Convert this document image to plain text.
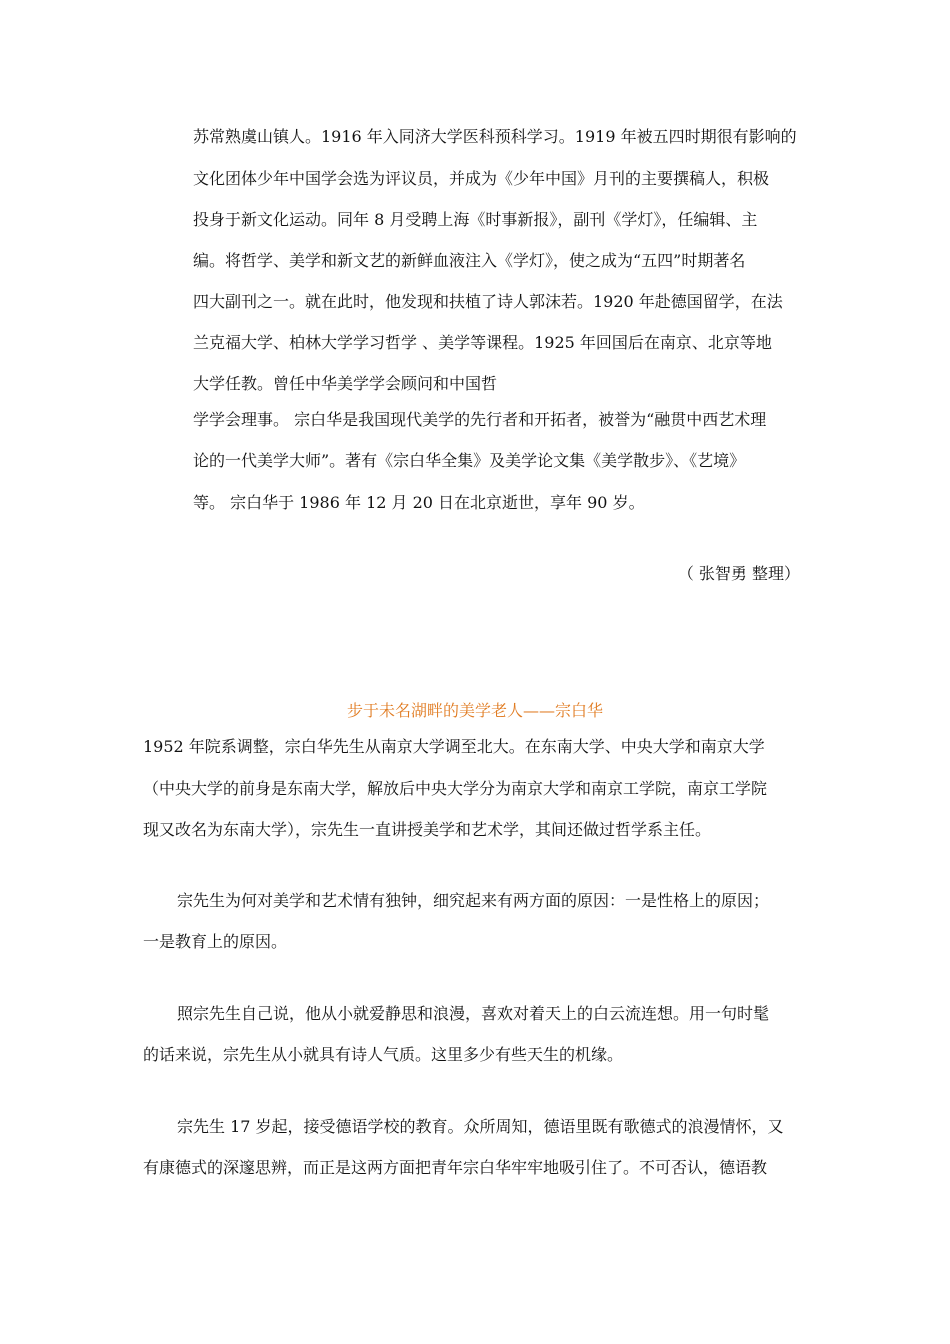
苏常熟虞山镇人。1916 年入同济大学医科预科学习。1919 年被五四时期很有影响的
文化团体少年中国学会选为评议员，并成为《少年中国》月刊的主要撰稿人，积极
投身于新文化运动。同年 8 月受聘上海《时事新报》，副刊《学灯》，任编辑、主
编。将哲学、美学和新文艺的新鲜血液注入《学灯》，使之成为“五四”时期著名
四大副刊之一。就在此时，他发现和扶植了诗人郭沫若。1920 年赴德国留学，在法
兰克福大学、柏林大学学习哲学 、美学等课程。1925 年回国后在南京、北京等地
大学任教。曾任中华美学学会顾问和中国哲
学学会理事。 宗白华是我国现代美学的先行者和开拓者，被誉为“融贯中西艺术理
论的一代美学大师”。著有《宗白华全集》及美学论文集《美学散步》、《艺境》
等。 宗白华于 1986 年 12 月 20 日在北京逝世，享年 90 岁。
（ 张智勇 整理）
步于未名湖畔的美学老人——宗白华
1952 年院系调整，宗白华先生从南京大学调至北大。在东南大学、中央大学和南京大学
（中央大学的前身是东南大学，解放后中央大学分为南京大学和南京工学院，南京工学院
现又改名为东南大学），宗先生一直讲授美学和艺术学，其间还做过哲学系主任。
宗先生为何对美学和艺术情有独钟，细究起来有两方面的原因：一是性格上的原因；
一是教育上的原因。
照宗先生自己说，他从小就爱静思和浪漫，喜欢对着天上的白云流连想。用一句时髦
的话来说，宗先生从小就具有诗人气质。这里多少有些天生的机缘。
宗先生 17 岁起，接受德语学校的教育。众所周知，德语里既有歌德式的浪漫情怀，又
有康德式的深邃思辨，而正是这两方面把青年宗白华牢牢地吸引住了。不可否认，德语教
